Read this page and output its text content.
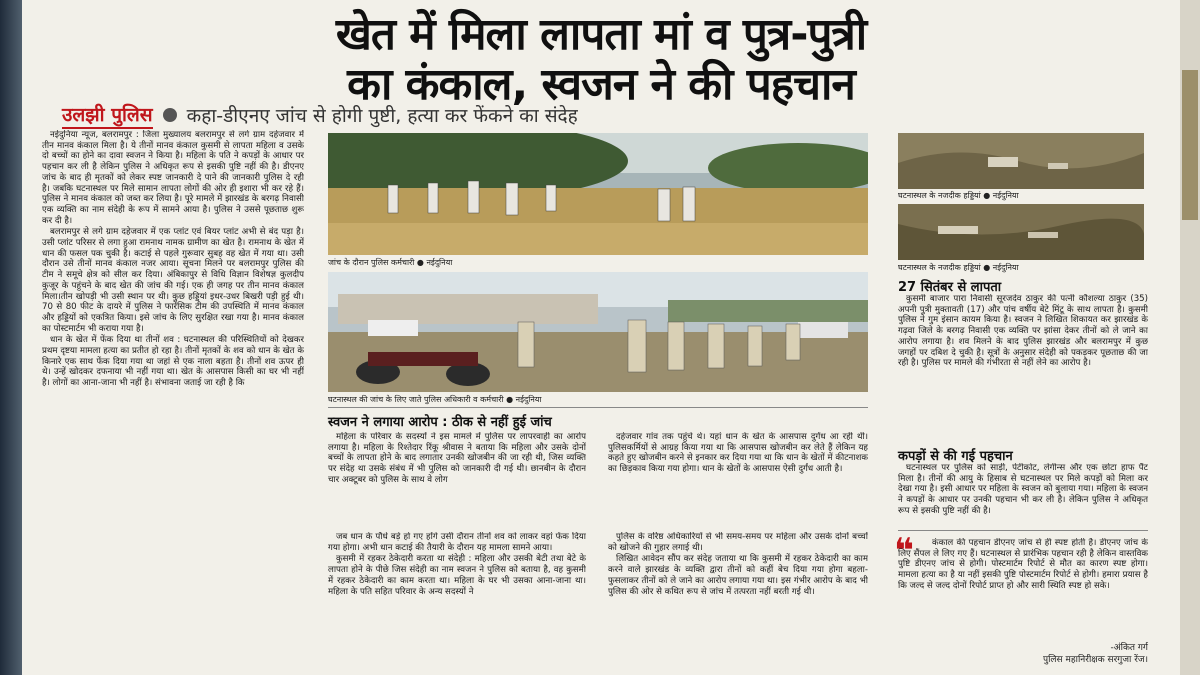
खेत में मिला लापता मां व पुत्र-पुत्री
का कंकाल, स्वजन ने की पहचान
उलझी पुलिस कहा-डीएनए जांच से होगी पुष्टी, हत्या कर फेंकने का संदेह

नईदुनिया न्यूज, बलरामपुर : जिला मुख्यालय बलरामपुर से लगे ग्राम दहेजवार में तीन मानव कंकाल मिला है। ये तीनों मानव कंकाल कुसमी से लापता महिला व उसके दो बच्चों का होने का दावा स्वजन ने किया है। महिला के पति ने कपड़ों के आधार पर पहचान कर ली है लेकिन पुलिस ने अधिकृत रूप से इसकी पुष्टि नहीं की है। डीएनए जांच के बाद ही मृतकों को लेकर स्पष्ट जानकारी दे पाने की जानकारी पुलिस दे रही है। जबकि घटनास्थल पर मिले सामान लापता लोगों की ओर ही इशारा भी कर रहे हैं। पुलिस ने मानव कंकाल को जब्त कर लिया है। पूरे मामले में झारखंड के बरगढ़ निवासी एक व्यक्ति का नाम संदेही के रूप में सामने आया है। पुलिस ने उससे पूछताछ शुरू कर दी है।

बलरामपुर से लगे ग्राम दहेजवार में एक प्लांट एवं बियर प्लांट अभी से बंद पड़ा है। उसी प्लांट परिसर से लगा हुआ रामनाथ नामक ग्रामीण का खेत है। रामनाथ के खेत में धान की फसल पक चुकी है। कटाई से पहले गुरूवार सुबह वह खेत में गया था। उसी दौरान उसे तीनों मानव कंकाल नजर आया। सूचना मिलने पर बलरामपुर पुलिस की टीम ने समूचे क्षेत्र को सील कर दिया। अंबिकापुर से विधि विज्ञान विशेषज्ञ कुलदीप कुजूर के पहुंचने के बाद खेत की जांच की गई। एक ही जगह पर तीन मानव कंकाल मिला।तीन खोपड़ी भी उसी स्थान पर थी। कुछ हड्डियां इधर-उधर बिखरी पड़ी हुई थी। 70 से 80 फीट के दायरे में पुलिस ने फारेंसिक टीम की उपस्थिति में मानव कंकाल और हड्डियों को एकत्रित किया। इसे जांच के लिए सुरक्षित रखा गया है। मानव कंकाल का पोस्टमार्टम भी कराया गया है।

धान के खेत में फेंक दिया था तीनों शव : घटनास्थल की परिस्थितियों को देखकर प्रथम दृष्टया मामला हत्या का प्रतीत हो रहा है। तीनों मृतकों के शव को धान के खेत के किनारे एक साथ फेंक दिया गया था जहां से एक नाला बहता है। तीनों शव ऊपर ही थे। उन्हें खोदकर दफनाया भी नहीं गया था। खेत के आसपास किसी का घर भी नहीं है। लोगों का आना-जाना भी नहीं है। संभावना जताई जा रही है कि

जांच के दौरान पुलिस कर्मचारी ● नईदुनिया
घटनास्थल की जांच के लिए जाते पुलिस अधिकारी व कर्मचारी ● नईदुनिया
घटनास्थल के नजदीक हड्डियां ● नईदुनिया
घटनास्थल के नजदीक हड्डियां ● नईदुनिया
स्वजन ने लगाया आरोप : ठीक से नहीं हुई जांच

महिला के परिवार के सदस्यों ने इस मामले में पुलिस पर लापरवाही का आरोप लगाया है। महिला के रिश्तेदार रिंकू श्रीवास ने बताया कि महिला और उसके दोनों बच्चों के लापता होने के बाद लगातार उनकी खोजबीन की जा रही थी, जिस व्यक्ति पर संदेह था उसके संबंध में भी पुलिस को जानकारी दी गई थी। छानबीन के दौरान चार अक्टूबर को पुलिस के साथ वे लोग

दहेजवार गांव तक पहुंचे थे। यहां धान के खेत के आसपास दुर्गंध आ रही थी। पुलिसकर्मियों से आग्रह किया गया था कि आसपास खोजबीन कर लेते हैं लेकिन यह कहते हुए खोजबीन करने से इनकार कर दिया गया था कि धान के खेतों में कीटनाशक का छिड़काव किया गया होगा। धान के खेतों के आसपास ऐसी दुर्गंध आती है।

जब धान के पौधे बड़े हो गए होंगे उसी दौरान तीनों शव को लाकर वहां फेंक दिया गया होगा। अभी धान कटाई की तैयारी के दौरान यह मामला सामने आया।

कुसमी में रहकर ठेकेदारी करता था संदेही : महिला और उसकी बेटी तथा बेटे के लापता होने के पीछे जिस संदेही का नाम स्वजन ने पुलिस को बताया है, वह कुसमी में रहकर ठेकेदारी का काम करता था। महिला के घर भी उसका आना-जाना था। महिला के पति सहित परिवार के अन्य सदस्यों ने

पुलिस के वरिष्ठ अधिकारियों से भी समय-समय पर महिला और उसके दोनों बच्चों को खोजने की गुहार लगाई थी।

लिखित आवेदन सौंप कर संदेह जताया था कि कुसमी में रहकर ठेकेदारी का काम करने वाले झारखंड के व्यक्ति द्वारा तीनों को कहीं बेच दिया गया होगा बहला-फुसलाकर तीनों को ले जाने का आरोप लगाया गया था। इस गंभीर आरोप के बाद भी पुलिस की ओर से कथित रूप से जांच में तत्परता नहीं बरती गई थी।

27 सितंबर से लापता

कुसमी बाजार पारा निवासी सूरजदेव ठाकुर की पत्नी कौशल्या ठाकुर (35) अपनी पुत्री मुक्तावती (17) और पांच वर्षीय बेटे मिंटू के साथ लापता है। कुसमी पुलिस ने गुम इंसान कायम किया है। स्वजन ने लिखित शिकायत कर झारखंड के गढ़वा जिले के बरगढ़ निवासी एक व्यक्ति पर झांसा देकर तीनों को ले जाने का आरोप लगाया है। शव मिलने के बाद पुलिस झारखंड और बलरामपुर में कुछ जगहों पर दबिश दे चुकी है। सूत्रों के अनुसार संदेही को पकड़कर पूछताछ की जा रही है। पुलिस पर मामले की गंभीरता से नहीं लेने का आरोप है।

कपड़ों से की गई पहचान

घटनास्थल पर पुलिस को साड़ी, पेटीकोट, लेगीन्स और एक छोटा हाफ पैंट मिला है। तीनों की आयु के हिसाब से घटनास्थल पर मिले कपड़ों को मिला कर देखा गया है। इसी आधार पर महिला के स्वजन को बुलाया गया। महिला के स्वजन ने कपड़ों के आधार पर उनकी पहचान भी कर ली है। लेकिन पुलिस ने अधिकृत रूप से इसकी पुष्टि नहीं की है।

❝	कंकाल की पहचान डीएनए जांच से ही स्पष्ट होती है। डीएनए जांच के लिए सैंपल ले लिए गए हैं। घटनास्थल से प्रारंभिक पहचान रही है लेकिन वास्तविक पुष्टि डीएनए जांच से होगी। पोस्टमार्टम रिपोर्ट से मौत का कारण स्पष्ट होगा। मामला हत्या का है या नहीं इसकी पुष्टि पोस्टमार्टम रिपोर्ट से होगी। हमारा प्रयास है कि जल्द से जल्द दोनों रिपोर्ट प्राप्त हो और सारी स्थिति स्पष्ट हो सके।

-अंकित गर्ग
पुलिस महानिरीक्षक सरगुजा रेंज।
